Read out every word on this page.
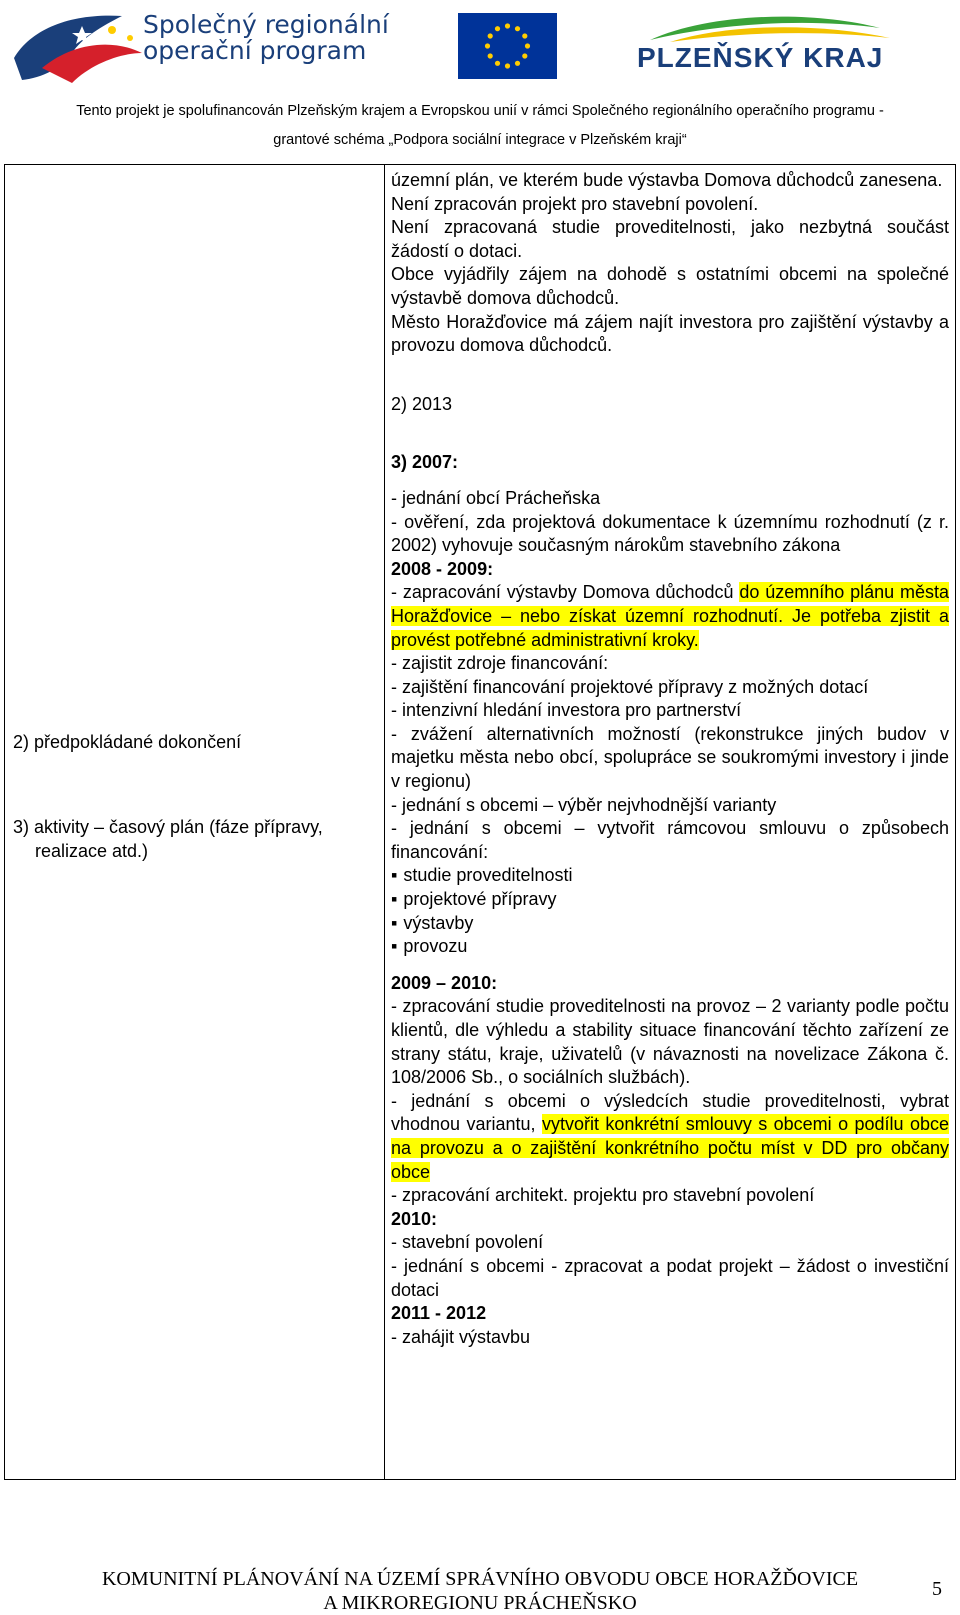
Společný regionální
operační program	PLZEŇSKÝ KRAJ
Tento projekt je spolufinancován Plzeňským krajem a Evropskou unií v rámci Společného regionálního operačního programu -
grantové schéma „Podpora sociální integrace v Plzeňském kraji“
2) předpokládané dokončení
3) aktivity – časový plán (fáze přípravy,
realizace atd.)

územní plán, ve kterém bude výstavba Domova důchodců zanesena.

Není zpracován projekt pro stavební povolení.

Není zpracovaná studie proveditelnosti, jako nezbytná součást žádostí o dotaci.

Obce vyjádřily zájem na dohodě s ostatními obcemi na společné výstavbě domova důchodců.

Město Horažďovice má zájem najít investora pro zajištění výstavby a provozu domova důchodců.

2) 2013

3) 2007:

- jednání obcí Prácheňska

- ověření, zda projektová dokumentace k územnímu rozhodnutí (z r. 2002) vyhovuje současným nárokům stavebního zákona

2008 - 2009:

- zapracování výstavby Domova důchodců do územního plánu města Horažďovice – nebo získat územní rozhodnutí. Je potřeba zjistit a provést potřebné administrativní kroky.

- zajistit zdroje financování:

- zajištění financování projektové přípravy z možných dotací

- intenzivní hledání investora pro partnerství

- zvážení alternativních možností (rekonstrukce jiných budov v majetku města nebo obcí, spolupráce se soukromými investory i jinde v regionu)

- jednání s obcemi – výběr nejvhodnější varianty

- jednání s obcemi – vytvořit rámcovou smlouvu o způsobech financování:

▪ studie proveditelnosti

▪ projektové přípravy

▪ výstavby

▪ provozu

2009 – 2010:

- zpracování studie proveditelnosti na provoz – 2 varianty podle počtu klientů, dle výhledu a stability situace financování těchto zařízení ze strany státu, kraje, uživatelů (v návaznosti na novelizace Zákona č. 108/2006 Sb., o sociálních službách).

- jednání s obcemi o výsledcích studie proveditelnosti, vybrat vhodnou variantu, vytvořit konkrétní smlouvy s obcemi o podílu obce na provozu a o zajištění konkrétního počtu míst v DD pro občany obce

- zpracování architekt. projektu pro stavební povolení

2010:

- stavební povolení

- jednání s obcemi - zpracovat a podat projekt – žádost o investiční dotaci

2011 - 2012

- zahájit výstavbu

KOMUNITNÍ PLÁNOVÁNÍ NA ÚZEMÍ SPRÁVNÍHO OBVODU OBCE HORAŽĎOVICE
A MIKROREGIONU PRÁCHEŇSKO
5
